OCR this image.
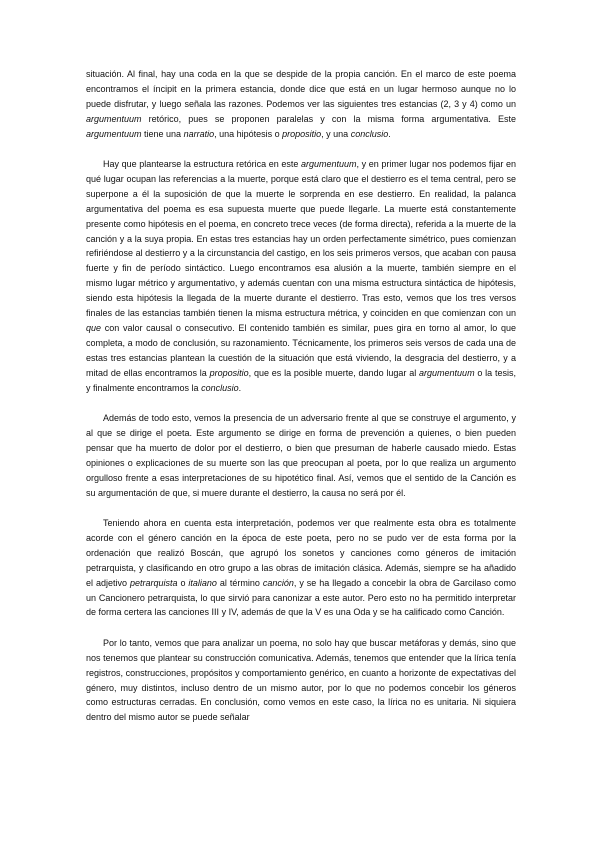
situación. Al final, hay una coda en la que se despide de la propia canción. En el marco de este poema encontramos el íncipit en la primera estancia, donde dice que está en un lugar hermoso aunque no lo puede disfrutar, y luego señala las razones. Podemos ver las siguientes tres estancias (2, 3 y 4) como un argumentuum retórico, pues se proponen paralelas y con la misma forma argumentativa. Este argumentuum tiene una narratio, una hipótesis o propositio, y una conclusio.

Hay que plantearse la estructura retórica en este argumentuum, y en primer lugar nos podemos fijar en qué lugar ocupan las referencias a la muerte, porque está claro que el destierro es el tema central, pero se superpone a él la suposición de que la muerte le sorprenda en ese destierro. En realidad, la palanca argumentativa del poema es esa supuesta muerte que puede llegarle. La muerte está constantemente presente como hipótesis en el poema, en concreto trece veces (de forma directa), referida a la muerte de la canción y a la suya propia. En estas tres estancias hay un orden perfectamente simétrico, pues comienzan refiriéndose al destierro y a la circunstancia del castigo, en los seis primeros versos, que acaban con pausa fuerte y fin de período sintáctico. Luego encontramos esa alusión a la muerte, también siempre en el mismo lugar métrico y argumentativo, y además cuentan con una misma estructura sintáctica de hipótesis, siendo esta hipótesis la llegada de la muerte durante el destierro. Tras esto, vemos que los tres versos finales de las estancias también tienen la misma estructura métrica, y coinciden en que comienzan con un que con valor causal o consecutivo. El contenido también es similar, pues gira en torno al amor, lo que completa, a modo de conclusión, su razonamiento. Técnicamente, los primeros seis versos de cada una de estas tres estancias plantean la cuestión de la situación que está viviendo, la desgracia del destierro, y a mitad de ellas encontramos la propositio, que es la posible muerte, dando lugar al argumentuum o la tesis, y finalmente encontramos la conclusio.

Además de todo esto, vemos la presencia de un adversario frente al que se construye el argumento, y al que se dirige el poeta. Este argumento se dirige en forma de prevención a quienes, o bien pueden pensar que ha muerto de dolor por el destierro, o bien que presuman de haberle causado miedo. Estas opiniones o explicaciones de su muerte son las que preocupan al poeta, por lo que realiza un argumento orgulloso frente a esas interpretaciones de su hipotético final. Así, vemos que el sentido de la Canción es su argumentación de que, si muere durante el destierro, la causa no será por él.

Teniendo ahora en cuenta esta interpretación, podemos ver que realmente esta obra es totalmente acorde con el género canción en la época de este poeta, pero no se pudo ver de esta forma por la ordenación que realizó Boscán, que agrupó los sonetos y canciones como géneros de imitación petrarquista, y clasificando en otro grupo a las obras de imitación clásica. Además, siempre se ha añadido el adjetivo petrarquista o italiano al término canción, y se ha llegado a concebir la obra de Garcilaso como un Cancionero petrarquista, lo que sirvió para canonizar a este autor. Pero esto no ha permitido interpretar de forma certera las canciones III y IV, además de que la V es una Oda y se ha calificado como Canción.

Por lo tanto, vemos que para analizar un poema, no solo hay que buscar metáforas y demás, sino que nos tenemos que plantear su construcción comunicativa. Además, tenemos que entender que la lírica tenía registros, construcciones, propósitos y comportamiento genérico, en cuanto a horizonte de expectativas del género, muy distintos, incluso dentro de un mismo autor, por lo que no podemos concebir los géneros como estructuras cerradas. En conclusión, como vemos en este caso, la lírica no es unitaria. Ni siquiera dentro del mismo autor se puede señalar
